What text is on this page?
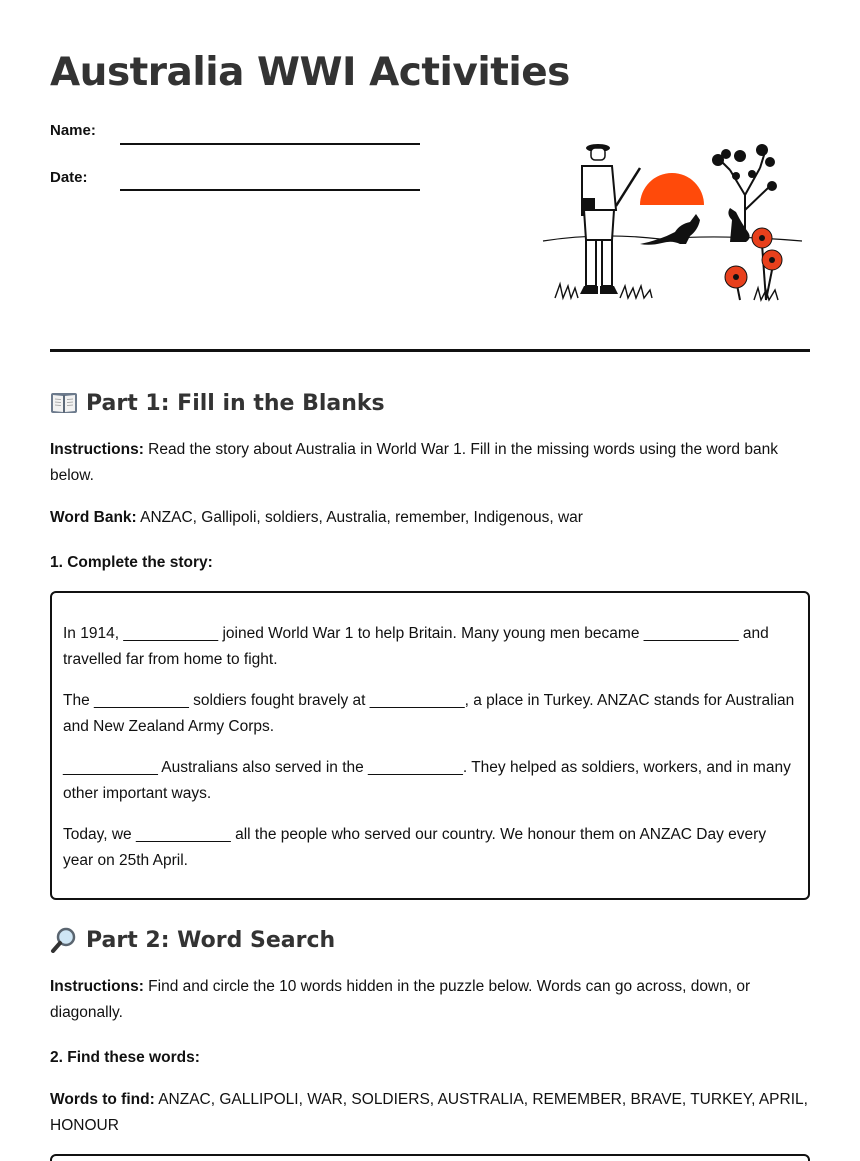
Australia WWI Activities
Name:
Date:
Part 1: Fill in the Blanks
Instructions: Read the story about Australia in World War 1. Fill in the missing words using the word bank below.
Word Bank: ANZAC, Gallipoli, soldiers, Australia, remember, Indigenous, war
1. Complete the story:

In 1914, ___________ joined World War 1 to help Britain. Many young men became ___________ and travelled far from home to fight.

The ___________ soldiers fought bravely at ___________, a place in Turkey. ANZAC stands for Australian and New Zealand Army Corps.

___________ Australians also served in the ___________. They helped as soldiers, workers, and in many other important ways.

Today, we ___________ all the people who served our country. We honour them on ANZAC Day every year on 25th April.

Part 2: Word Search
Instructions: Find and circle the 10 words hidden in the puzzle below. Words can go across, down, or diagonally.
2. Find these words:
Words to find: ANZAC, GALLIPOLI, WAR, SOLDIERS, AUSTRALIA, REMEMBER, BRAVE, TURKEY, APRIL, HONOUR
